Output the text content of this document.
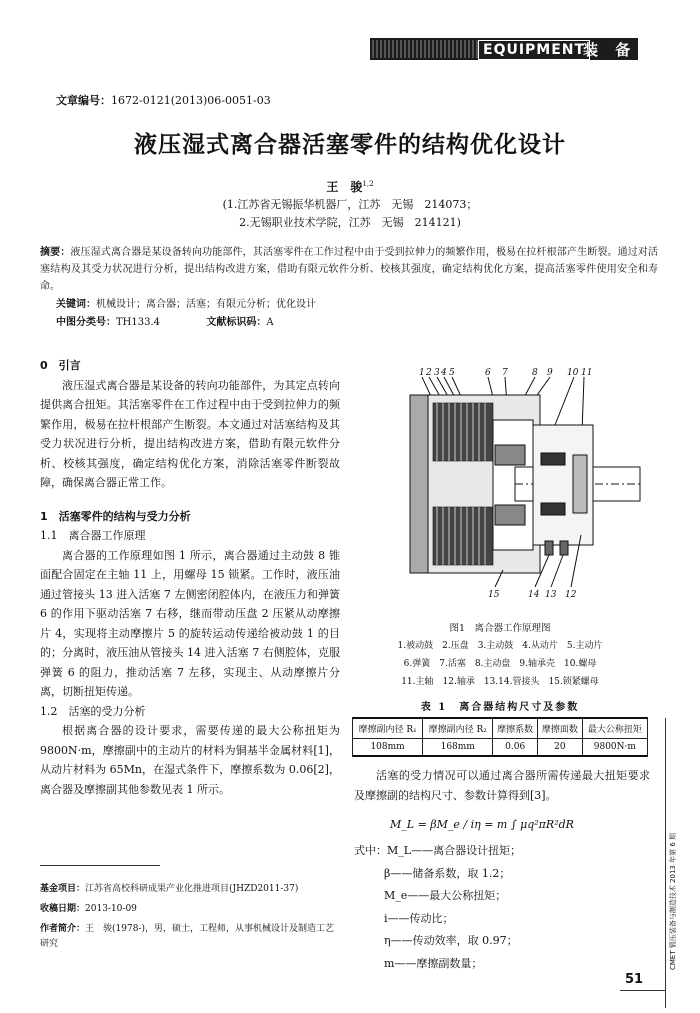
EQUIPMENT
装 备
文章编号：1672-0121(2013)06-0051-03
液压湿式离合器活塞零件的结构优化设计
王　骏$^{1,2}$
(1.江苏省无锡振华机器厂，江苏　无锡　214073；
2.无锡职业技术学院，江苏　无锡　214121)
摘要：液压湿式离合器是某设备转向功能部件，其活塞零件在工作过程中由于受到拉伸力的频繁作用，极易在拉杆根部产生断裂。通过对活塞结构及其受力状况进行分析，提出结构改进方案，借助有限元软件分析、校核其强度，确定结构优化方案，提高活塞零件使用安全和寿命。
关键词：机械设计；离合器；活塞；有限元分析；优化设计
中图分类号：TH133.4	文献标识码：A
0　引言

液压湿式离合器是某设备的转向功能部件，为其定点转向提供离合扭矩。其活塞零件在工作过程中由于受到拉伸力的频繁作用，极易在拉杆根部产生断裂。本文通过对活塞结构及其受力状况进行分析，提出结构改进方案，借助有限元软件分析、校核其强度，确定结构优化方案，消除活塞零件断裂故障，确保离合器正常工作。

1　活塞零件的结构与受力分析
1.1　离合器工作原理

离合器的工作原理如图 1 所示，离合器通过主动鼓 8 锥面配合固定在主轴 11 上，用螺母 15 锁紧。工作时，液压油通过管接头 13 进入活塞 7 左侧密闭腔体内，在液压力和弹簧 6 的作用下驱动活塞 7 右移，继而带动压盘 2 压紧从动摩擦片 4，实现将主动摩擦片 5 的旋转运动传递给被动鼓 1 的目的；分离时，液压油从管接头 14 进入活塞 7 右侧腔体，克服弹簧 6 的阻力，推动活塞 7 左移，实现主、从动摩擦片分离，切断扭矩传递。

1.2　活塞的受力分析

根据离合器的设计要求，需要传递的最大公称扭矩为 9800N·m，摩擦副中的主动片的材料为铜基半金属材料[1]，从动片材料为 65Mn，在湿式条件下，摩擦系数为 0.06[2]，离合器及摩擦副其他参数见表 1 所示。

基金项目：江苏省高校科研成果产业化推进项目(JHZD2011-37)
收稿日期：2013-10-09
作者简介：王　骏(1978-)，男，硕士，工程师，从事机械设计及制造工艺研究
1 2 3 4 5	6 7	8 9 10 11
15	14 13 12
图1　离合器工作原理图
1.被动鼓　2.压盘　3.主动鼓　4.从动片　5.主动片
6.弹簧　7.活塞　8.主动盘　9.轴承壳　10.螺母
11.主轴　12.轴承　13.14.管接头　15.锁紧螺母
表 1　离合器结构尺寸及参数
摩擦副内径 R₁	摩擦副内径 R₂	摩擦系数	摩擦面数	最大公称扭矩
108mm	168mm	0.06	20	9800N·m

活塞的受力情况可以通过离合器所需传递最大扭矩要求及摩擦副的结构尺寸、参数计算得到[3]。

M_L = βM_e / iη = m ∫ μq²πR²dR
式中：M_L——离合器设计扭矩；
β——储备系数，取 1.2；
M_e——最大公称扭矩；
i——传动比；
η——传动效率，取 0.97；
m——摩擦副数量；	CMET 锻压装备与制造技术 2013 年第 6 期
51
